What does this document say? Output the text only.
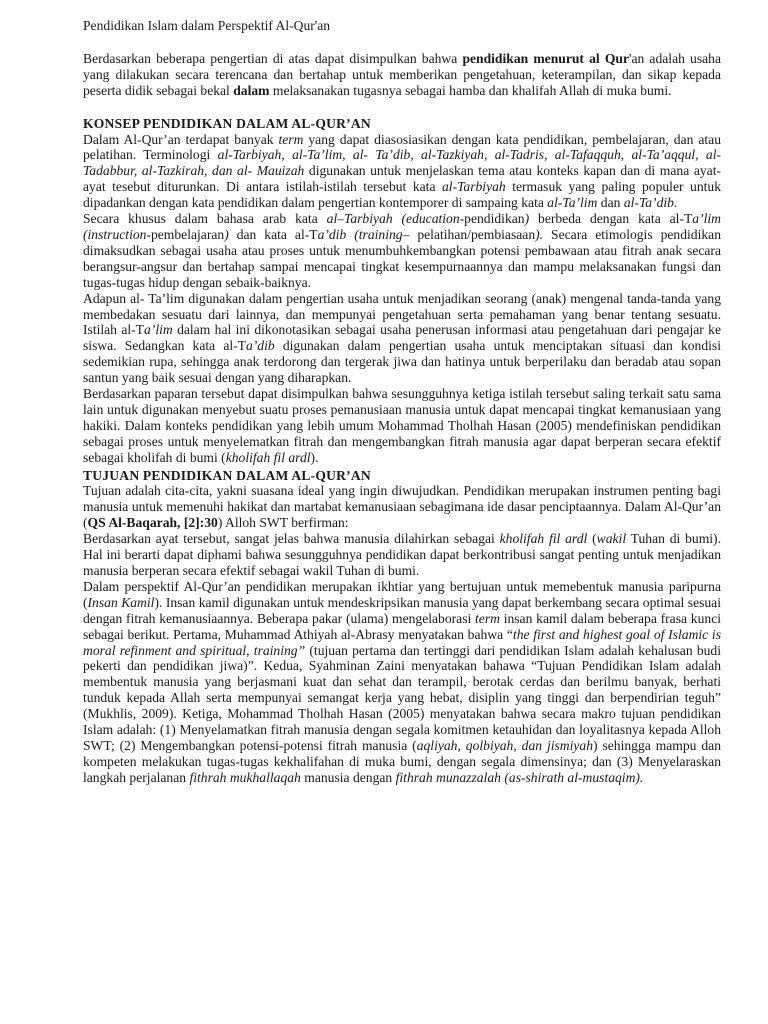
Pendidikan Islam dalam Perspektif Al-Qur'an

Berdasarkan beberapa pengertian di atas dapat disimpulkan bahwa pendidikan menurut al Qur'an adalah usaha yang dilakukan secara terencana dan bertahap untuk memberikan pengetahuan, keterampilan, dan sikap kepada peserta didik sebagai bekal dalam melaksanakan tugasnya sebagai hamba dan khalifah Allah di muka bumi.

KONSEP PENDIDIKAN DALAM AL-QUR’AN

Dalam Al-Qur’an terdapat banyak term yang dapat diasosiasikan dengan kata pendidikan, pembelajaran, dan atau pelatihan. Terminologi al-Tarbiyah, al-Ta’lim, al- Ta’dib, al-Tazkiyah, al-Tadris, al-Tafaqquh, al-Ta’aqqul, al-Tadabbur, al-Tazkirah, dan al- Mauizah digunakan untuk menjelaskan tema atau konteks kapan dan di mana ayat-ayat tesebut diturunkan. Di antara istilah-istilah tersebut kata al-Tarbiyah termasuk yang paling populer untuk dipadankan dengan kata pendidikan dalam pengertian kontemporer di sampaing kata al-Ta’lim dan al-Ta’dib.

Secara khusus dalam bahasa arab kata al–Tarbiyah (education-pendidikan) berbeda dengan kata al-Ta’lim (instruction-pembelajaran) dan kata al-Ta’dib (training– pelatihan/pembiasaan). Secara etimologis pendidikan dimaksudkan sebagai usaha atau proses untuk menumbuhkembangkan potensi pembawaan atau fitrah anak secara berangsur-angsur dan bertahap sampai mencapai tingkat kesempurnaannya dan mampu melaksanakan fungsi dan tugas-tugas hidup dengan sebaik-baiknya.

Adapun al- Ta’lim digunakan dalam pengertian usaha untuk menjadikan seorang (anak) mengenal tanda-tanda yang membedakan sesuatu dari lainnya, dan mempunyai pengetahuan serta pemahaman yang benar tentang sesuatu. Istilah al-Ta’lim dalam hal ini dikonotasikan sebagai usaha penerusan informasi atau pengetahuan dari pengajar ke siswa. Sedangkan kata al-Ta’dib digunakan dalam pengertian usaha untuk menciptakan situasi dan kondisi sedemikian rupa, sehingga anak terdorong dan tergerak jiwa dan hatinya untuk berperilaku dan beradab atau sopan santun yang baik sesuai dengan yang diharapkan.

Berdasarkan paparan tersebut dapat disimpulkan bahwa sesungguhnya ketiga istilah tersebut saling terkait satu sama lain untuk digunakan menyebut suatu proses pemanusiaan manusia untuk dapat mencapai tingkat kemanusiaan yang hakiki. Dalam konteks pendidikan yang lebih umum Mohammad Tholhah Hasan (2005) mendefiniskan pendidikan sebagai proses untuk menyelematkan fitrah dan mengembangkan fitrah manusia agar dapat berperan secara efektif sebagai kholifah di bumi (kholifah fil ardl).

TUJUAN PENDIDIKAN DALAM AL-QUR’AN

Tujuan adalah cita-cita, yakni suasana ideal yang ingin diwujudkan. Pendidikan merupakan instrumen penting bagi manusia untuk memenuhi hakikat dan martabat kemanusiaan sebagimana ide dasar penciptaannya. Dalam Al-Qur’an (QS Al-Baqarah, [2]:30) Alloh SWT berfirman:

Berdasarkan ayat tersebut, sangat jelas bahwa manusia dilahirkan sebagai kholifah fil ardl (wakil Tuhan di bumi). Hal ini berarti dapat diphami bahwa sesungguhnya pendidikan dapat berkontribusi sangat penting untuk menjadikan manusia berperan secara efektif sebagai wakil Tuhan di bumi.

Dalam perspektif Al-Qur’an pendidikan merupakan ikhtiar yang bertujuan untuk memebentuk manusia paripurna (Insan Kamil). Insan kamil digunakan untuk mendeskripsikan manusia yang dapat berkembang secara optimal sesuai dengan fitrah kemanusiaannya. Beberapa pakar (ulama) mengelaborasi term insan kamil dalam beberapa frasa kunci sebagai berikut. Pertama, Muhammad Athiyah al-Abrasy menyatakan bahwa “the first and highest goal of Islamic is moral refinment and spiritual, training” (tujuan pertama dan tertinggi dari pendidikan Islam adalah kehalusan budi pekerti dan pendidikan jiwa)”. Kedua, Syahminan Zaini menyatakan bahawa “Tujuan Pendidikan Islam adalah membentuk manusia yang berjasmani kuat dan sehat dan terampil, berotak cerdas dan berilmu banyak, berhati tunduk kepada Allah serta mempunyai semangat kerja yang hebat, disiplin yang tinggi dan berpendirian teguh” (Mukhlis, 2009). Ketiga, Mohammad Tholhah Hasan (2005) menyatakan bahwa secara makro tujuan pendidikan Islam adalah: (1) Menyelamatkan fitrah manusia dengan segala komitmen ketauhidan dan loyalitasnya kepada Alloh SWT; (2) Mengembangkan potensi-potensi fitrah manusia (aqliyah, qolbiyah, dan jismiyah) sehingga mampu dan kompeten melakukan tugas-tugas kekhalifahan di muka bumi, dengan segala dimensinya; dan (3) Menyelaraskan langkah perjalanan fithrah mukhallaqah manusia dengan fithrah munazzalah (as-shirath al-mustaqim).
